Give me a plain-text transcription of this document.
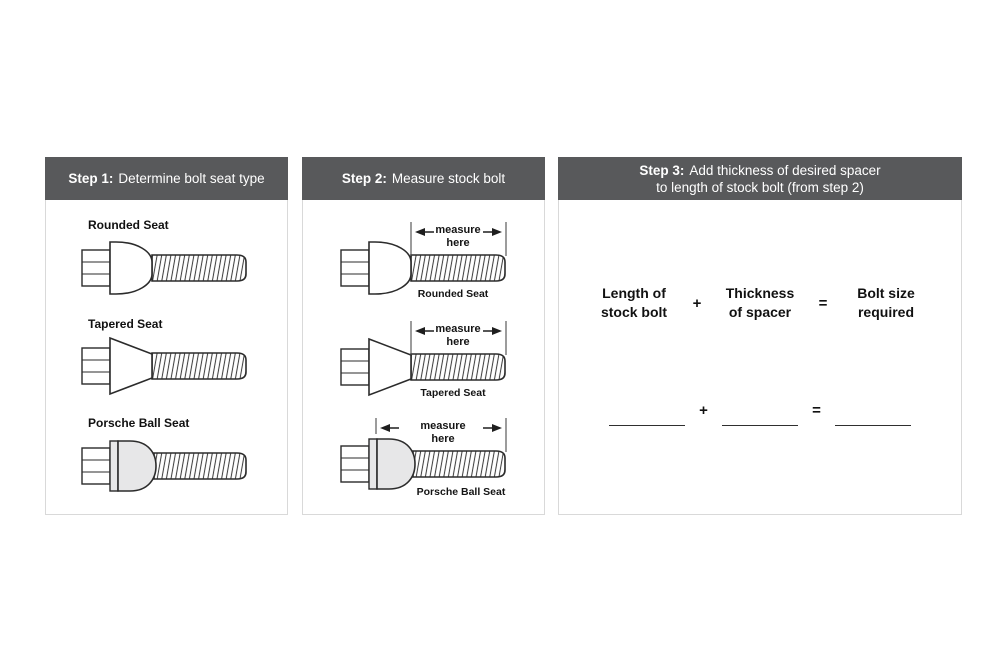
Step 1: Determine bolt seat type
Rounded Seat
Tapered Seat
Porsche Ball Seat
Step 2: Measure stock bolt
measure
here
Rounded Seat
measure
here
Tapered Seat
measure
here
Porsche Ball Seat
Step 3: Add thickness of desired spacer
to length of stock bolt (from step 2)
Length of
stock bolt
+
Thickness
of spacer
=
Bolt size
required
+	=
